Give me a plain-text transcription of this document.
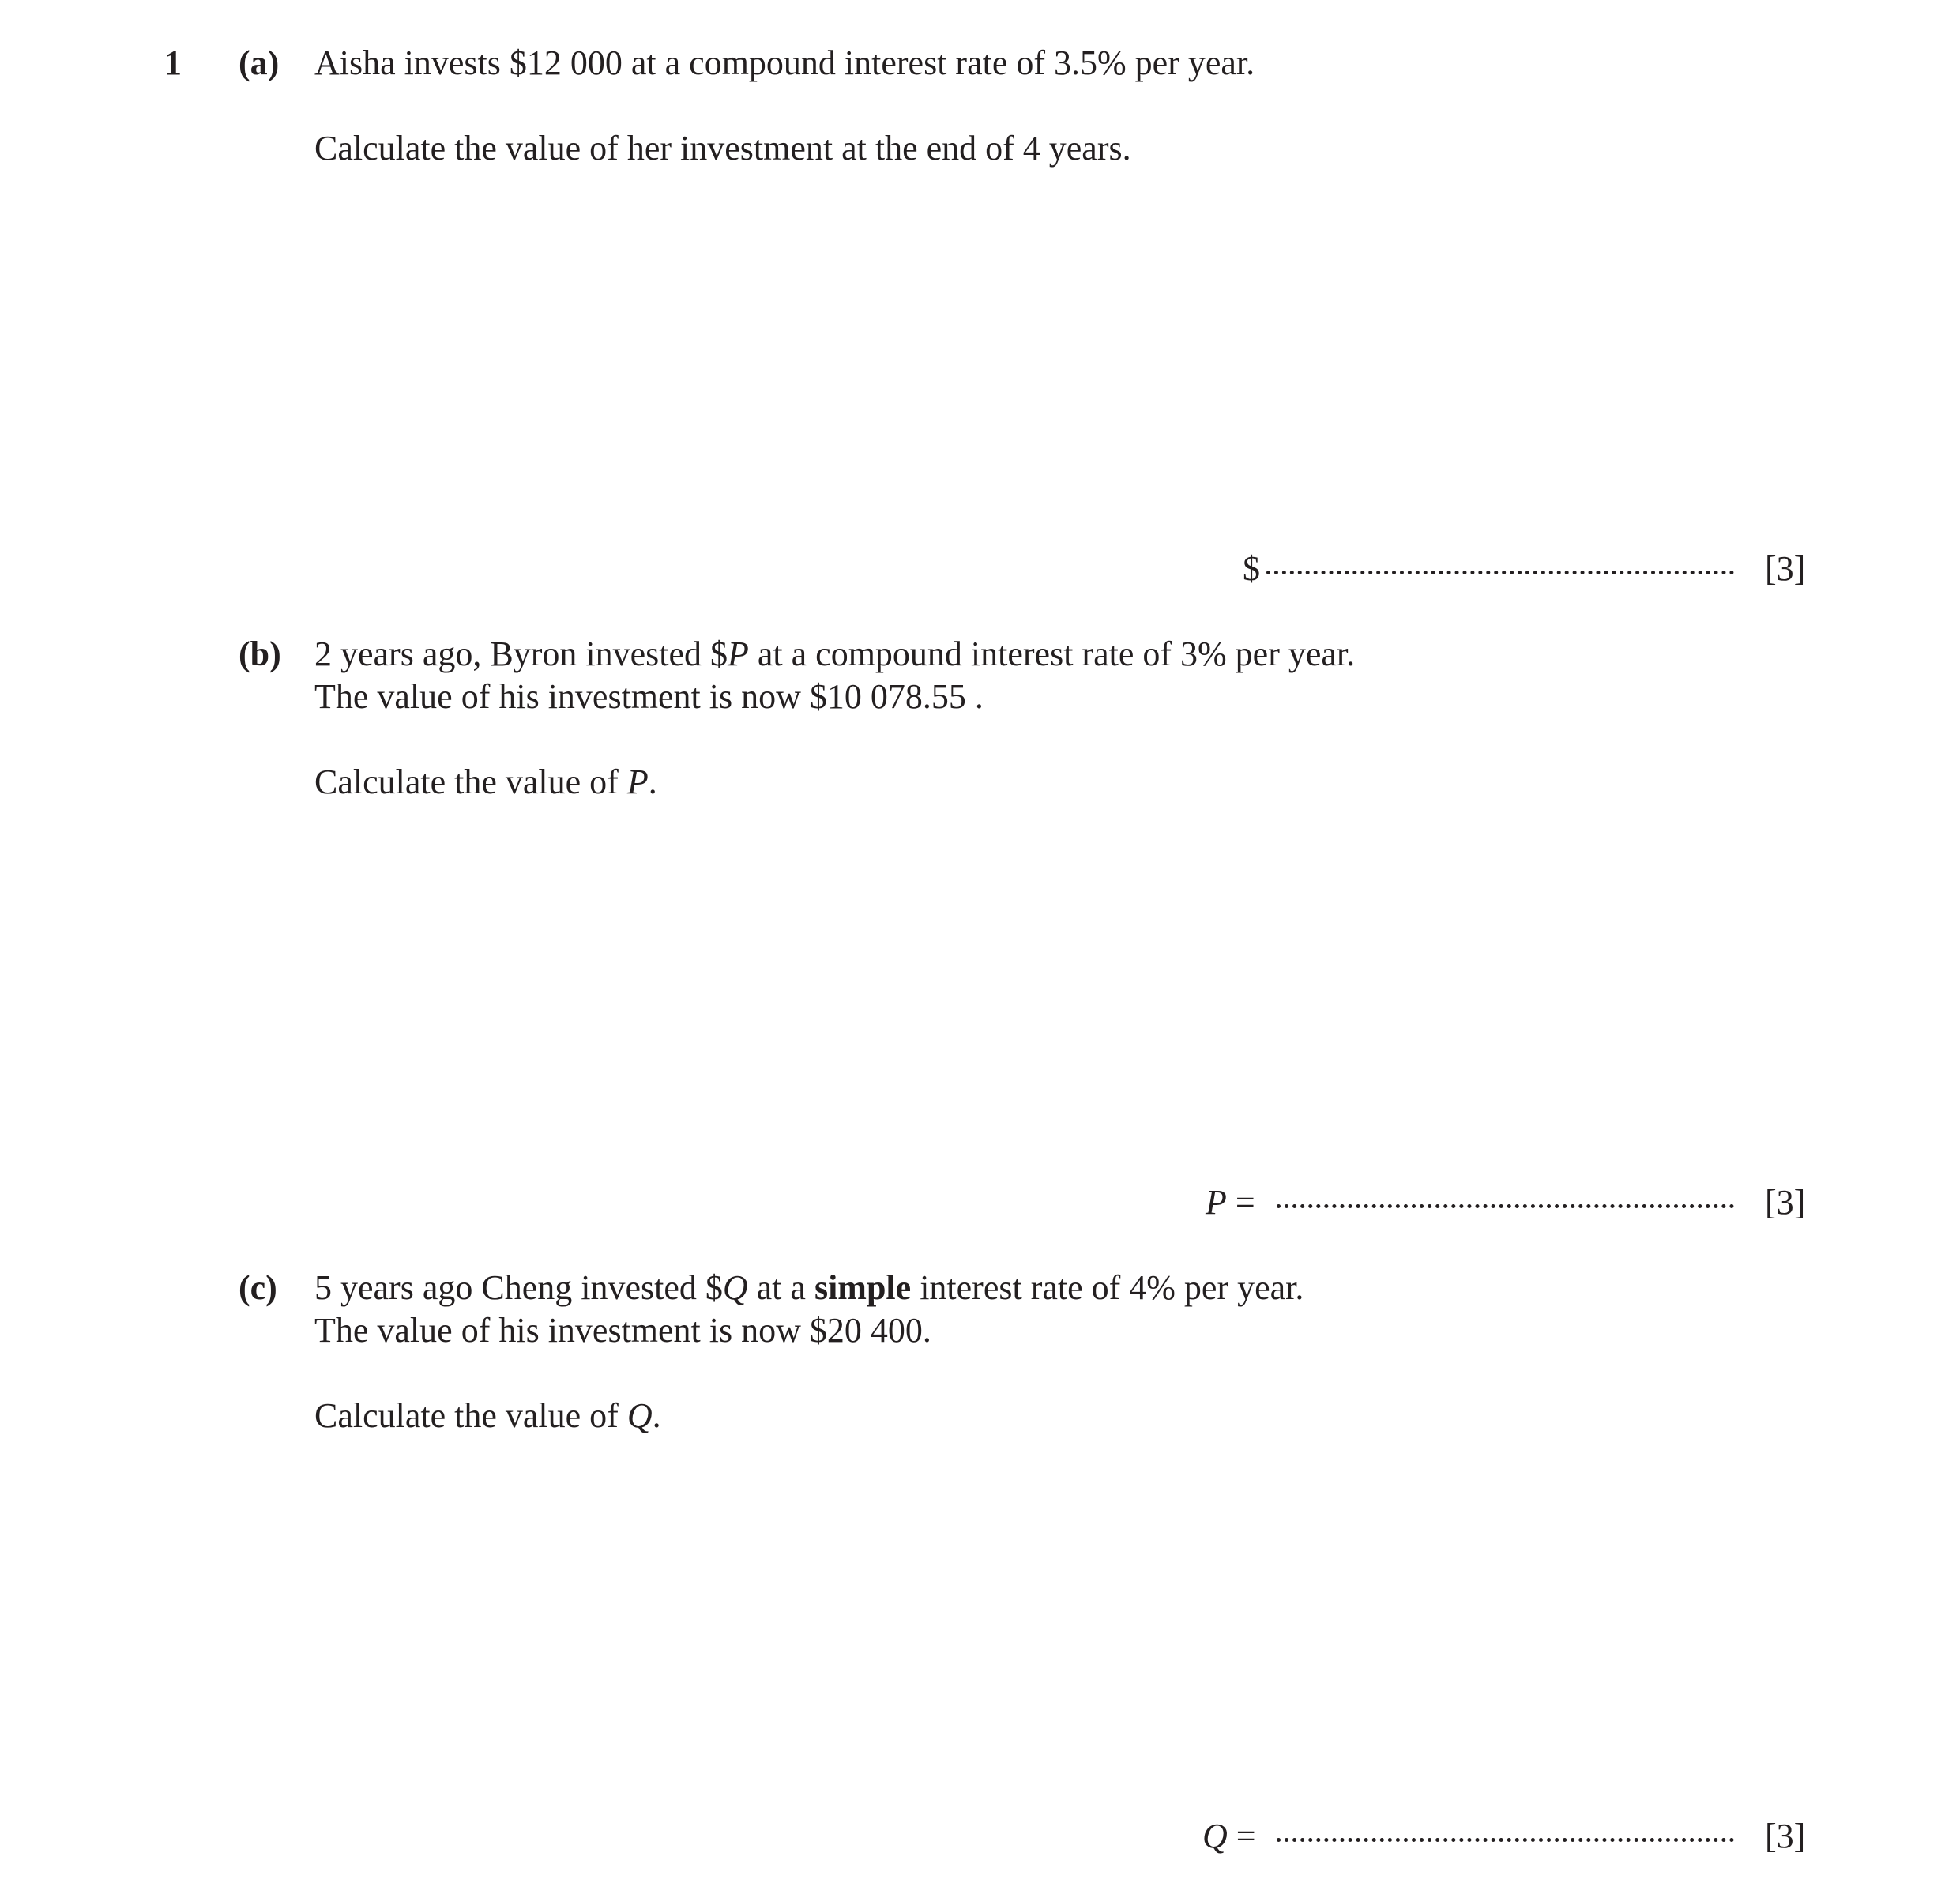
1 (a) Aisha invests $12 000 at a compound interest rate of 3.5% per year.
Calculate the value of her investment at the end of 4 years.
$	[3]
(b) 2 years ago, Byron invested $P at a compound interest rate of 3% per year.
The value of his investment is now $10 078.55 .
Calculate the value of P.
P =	[3]
(c) 5 years ago Cheng invested $Q at a simple interest rate of 4% per year.
The value of his investment is now $20 400.
Calculate the value of Q.
Q =	[3]
